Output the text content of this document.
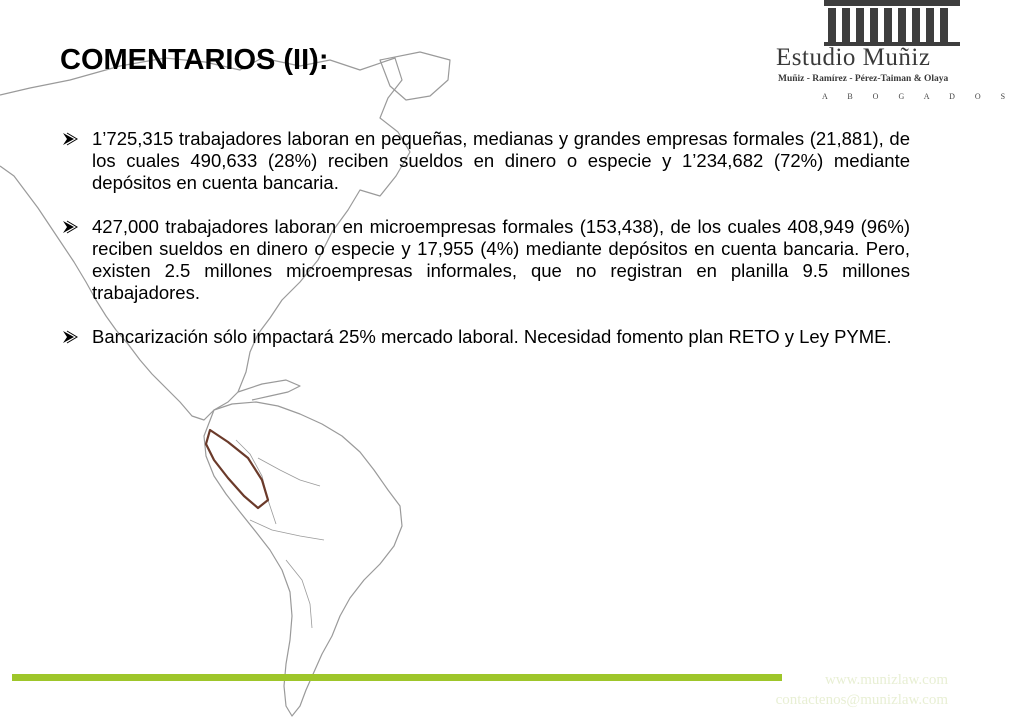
Estudio Muñiz
Muñiz - Ramírez - Pérez-Taiman & Olaya
A B O G A D O S
COMENTARIOS (II):
1’725,315 trabajadores laboran en pequeñas, medianas y grandes empresas formales (21,881), de los cuales 490,633 (28%) reciben sueldos en dinero o especie y 1’234,682 (72%) mediante depósitos en cuenta bancaria.
427,000 trabajadores laboran en microempresas formales (153,438), de los cuales 408,949 (96%) reciben sueldos en dinero o especie y 17,955 (4%) mediante depósitos en cuenta bancaria. Pero, existen 2.5 millones microempresas informales, que no registran en planilla 9.5 millones trabajadores.
Bancarización sólo impactará 25% mercado laboral. Necesidad fomento plan RETO y Ley PYME.
www.munizlaw.com
contactenos@munizlaw.com
